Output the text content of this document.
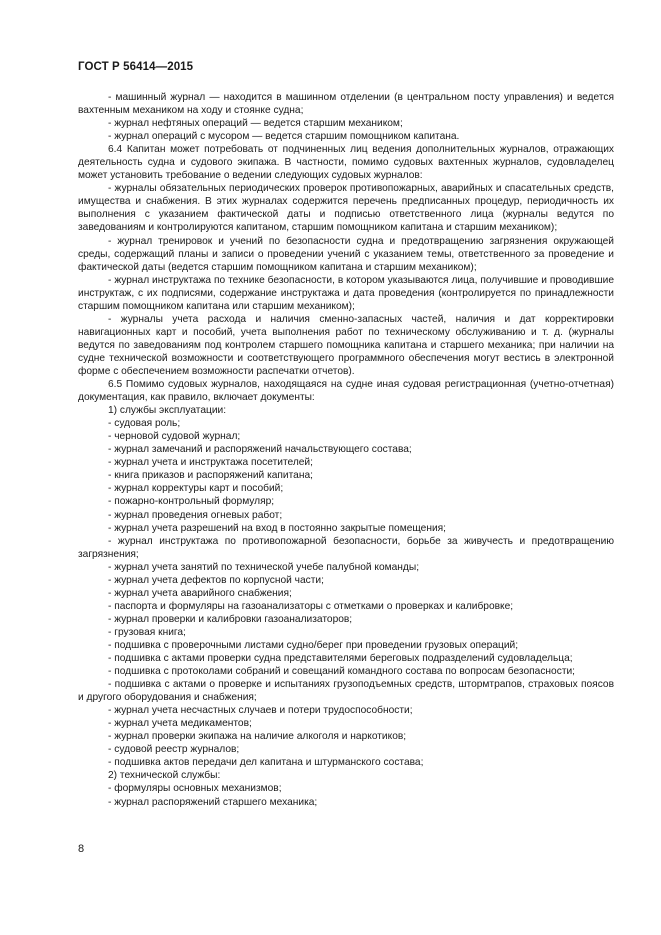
ГОСТ Р 56414—2015

- машинный журнал — находится в машинном отделении (в центральном посту управления) и ведется вахтенным механиком на ходу и стоянке судна;

- журнал нефтяных операций — ведется старшим механиком;

- журнал операций с мусором — ведется старшим помощником капитана.

6.4 Капитан может потребовать от подчиненных лиц ведения дополнительных журналов, отражающих деятельность судна и судового экипажа. В частности, помимо судовых вахтенных журналов, судовладелец может установить требование о ведении следующих судовых журналов:

- журналы обязательных периодических проверок противопожарных, аварийных и спасательных средств, имущества и снабжения. В этих журналах содержится перечень предписанных процедур, периодичность их выполнения с указанием фактической даты и подписью ответственного лица (журналы ведутся по заведованиям и контролируются капитаном, старшим помощником капитана и старшим механиком);

- журнал тренировок и учений по безопасности судна и предотвращению загрязнения окружающей среды, содержащий планы и записи о проведении учений с указанием темы, ответственного за проведение и фактической даты (ведется старшим помощником капитана и старшим механиком);

- журнал инструктажа по технике безопасности, в котором указываются лица, получившие и проводившие инструктаж, с их подписями, содержание инструктажа и дата проведения (контролируется по принадлежности старшим помощником капитана или старшим механиком);

- журналы учета расхода и наличия сменно-запасных частей, наличия и дат корректировки навигационных карт и пособий, учета выполнения работ по техническому обслуживанию и т. д. (журналы ведутся по заведованиям под контролем старшего помощника капитана и старшего механика; при наличии на судне технической возможности и соответствующего программного обеспечения могут вестись в электронной форме с обеспечением возможности распечатки отчетов).

6.5 Помимо судовых журналов, находящаяся на судне иная судовая регистрационная (учетно-отчетная) документация, как правило, включает документы:

1) службы эксплуатации:

- судовая роль;

- черновой судовой журнал;

- журнал замечаний и распоряжений начальствующего состава;

- журнал учета и инструктажа посетителей;

- книга приказов и распоряжений капитана;

- журнал корректуры карт и пособий;

- пожарно-контрольный формуляр;

- журнал проведения огневых работ;

- журнал учета разрешений на вход в постоянно закрытые помещения;

- журнал инструктажа по противопожарной безопасности, борьбе за живучесть и предотвращению загрязнения;

- журнал учета занятий по технической учебе палубной команды;

- журнал учета дефектов по корпусной части;

- журнал учета аварийного снабжения;

- паспорта и формуляры на газоанализаторы с отметками о проверках и калибровке;

- журнал проверки и калибровки газоанализаторов;

- грузовая книга;

- подшивка с проверочными листами судно/берег при проведении грузовых операций;

- подшивка с актами проверки судна представителями береговых подразделений судовладельца;

- подшивка с протоколами собраний и совещаний командного состава по вопросам безопасности;

- подшивка с актами о проверке и испытаниях грузоподъемных средств, штормтрапов, страховых поясов и другого оборудования и снабжения;

- журнал учета несчастных случаев и потери трудоспособности;

- журнал учета медикаментов;

- журнал проверки экипажа на наличие алкоголя и наркотиков;

- судовой реестр журналов;

- подшивка актов передачи дел капитана и штурманского состава;

2) технической службы:

- формуляры основных механизмов;

- журнал распоряжений старшего механика;

8
